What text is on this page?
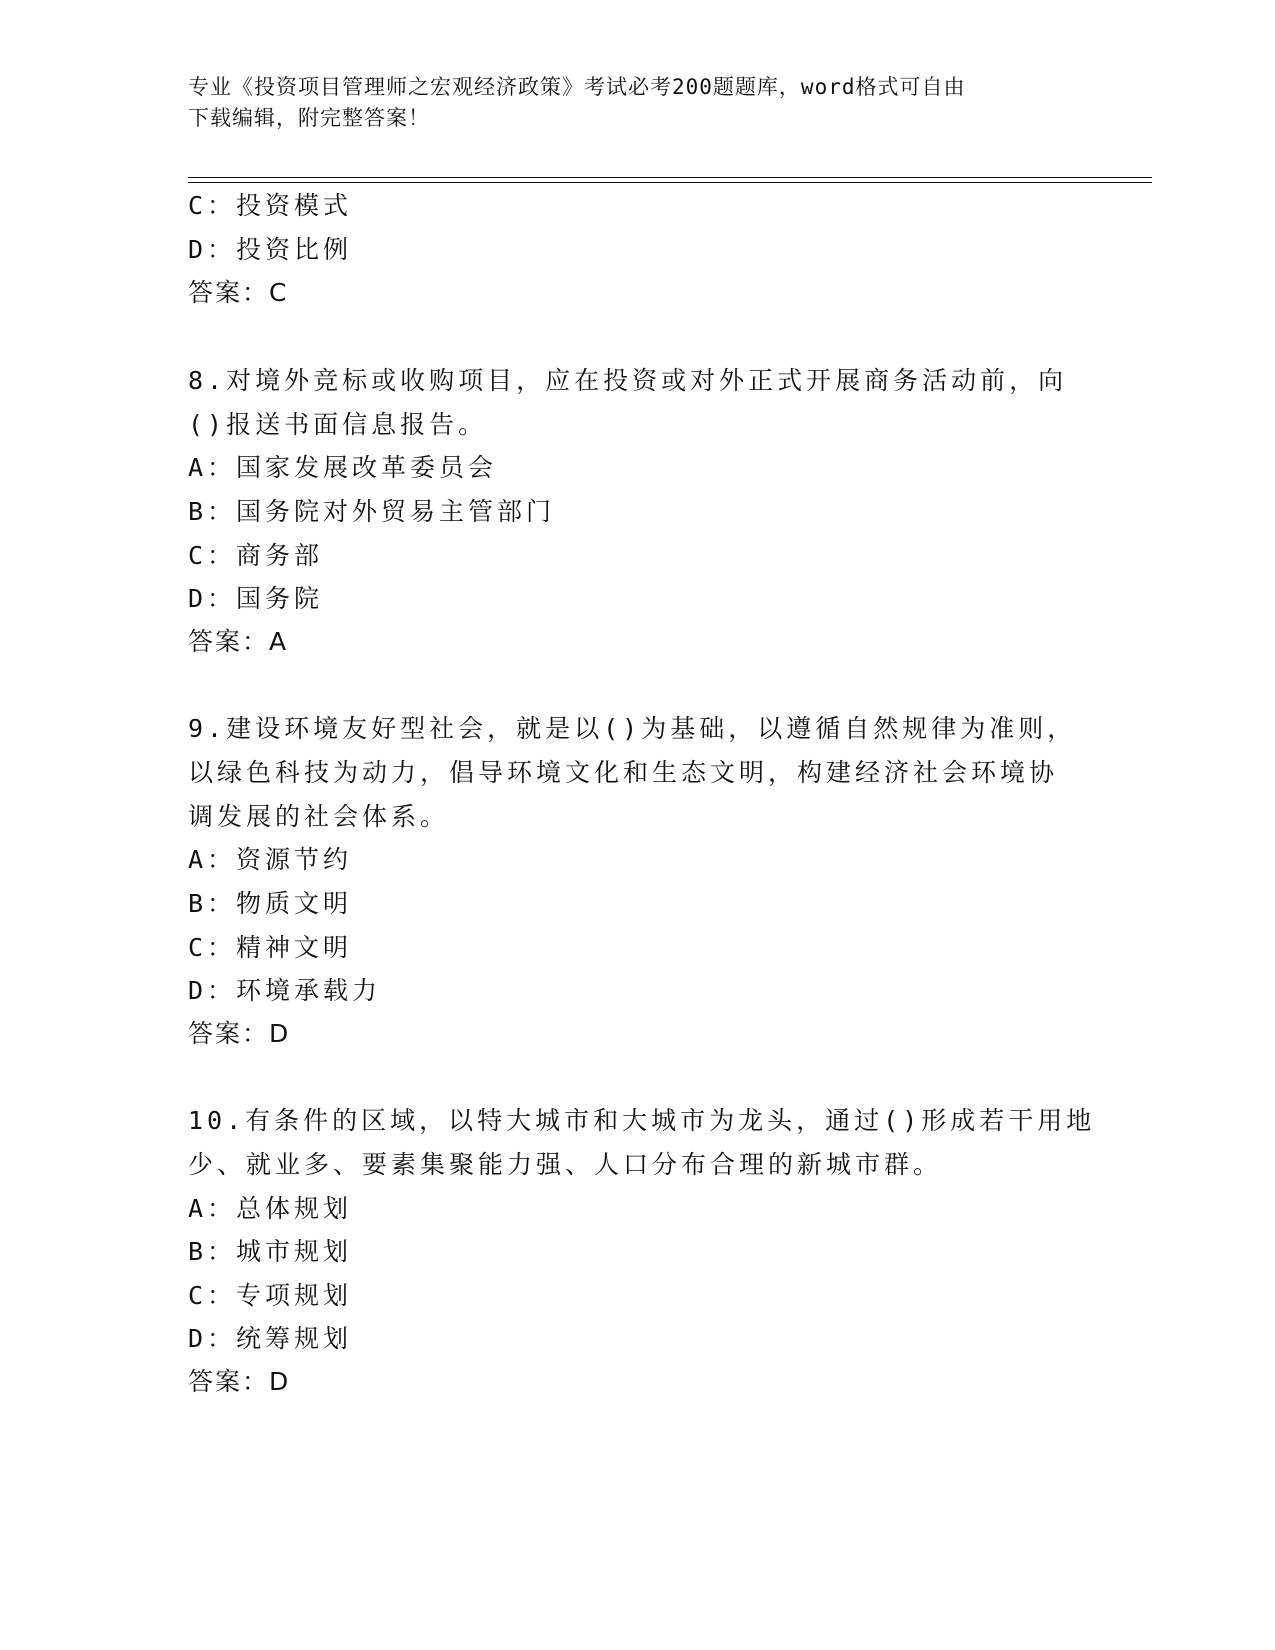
专业《投资项目管理师之宏观经济政策》考试必考200题题库，word格式可自由
下载编辑，附完整答案！
C：投资模式
D：投资比例
答案：C
8.对境外竞标或收购项目，应在投资或对外正式开展商务活动前，向
()报送书面信息报告。
A：国家发展改革委员会
B：国务院对外贸易主管部门
C：商务部
D：国务院
答案：A
9.建设环境友好型社会，就是以()为基础，以遵循自然规律为准则，
以绿色科技为动力，倡导环境文化和生态文明，构建经济社会环境协
调发展的社会体系。
A：资源节约
B：物质文明
C：精神文明
D：环境承载力
答案：D
10.有条件的区域，以特大城市和大城市为龙头，通过()形成若干用地
少、就业多、要素集聚能力强、人口分布合理的新城市群。
A：总体规划
B：城市规划
C：专项规划
D：统筹规划
答案：D
